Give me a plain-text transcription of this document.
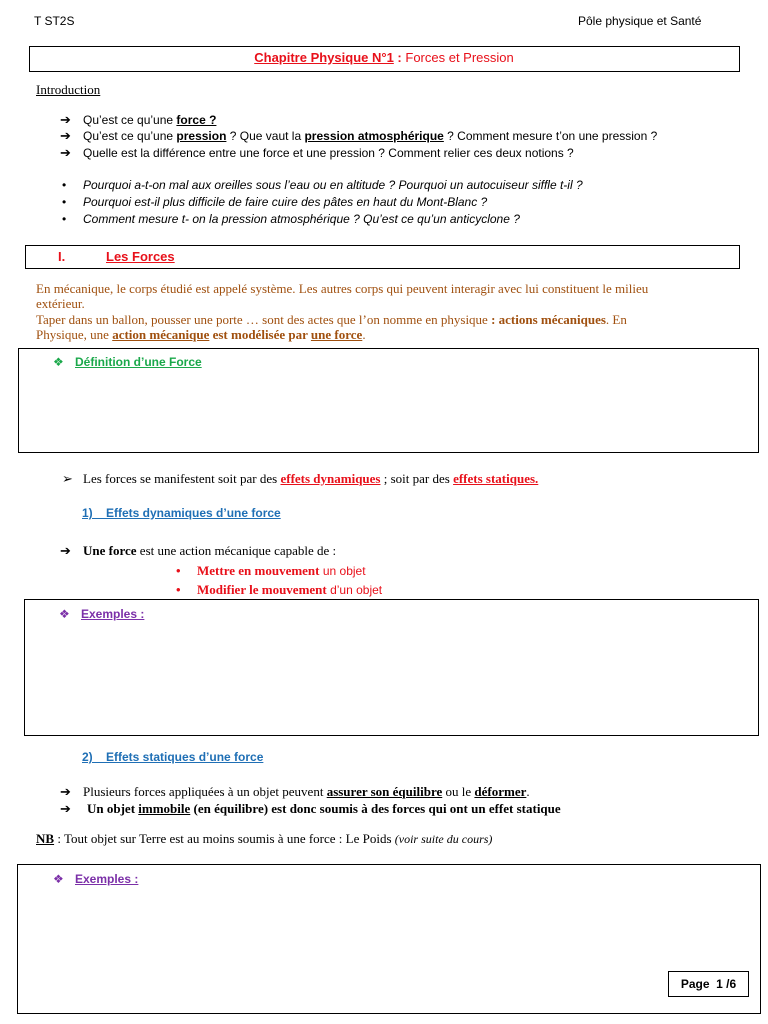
T ST2S	Pôle physique et Santé
Chapitre Physique N°1 : Forces et Pression
Introduction
➔ Qu’est ce qu’une force ?
➔ Qu’est ce qu’une pression ? Que vaut la pression atmosphérique ? Comment mesure t’on une pression ?
➔ Quelle est la différence entre une force et une pression ? Comment relier ces deux notions ?
• Pourquoi a-t-on mal aux oreilles sous l’eau ou en altitude ? Pourquoi un autocuiseur siffle t-il ?
• Pourquoi est-il plus difficile de faire cuire des pâtes en haut du Mont-Blanc ?
• Comment mesure t- on la pression atmosphérique ? Qu’est ce qu’un anticyclone ?
I.	Les Forces
En mécanique, le corps étudié est appelé système. Les autres corps qui peuvent interagir avec lui constituent le milieu
extérieur.
Taper dans un ballon, pousser une porte … sont des actes que l’on nomme en physique : actions mécaniques. En
Physique, une action mécanique est modélisée par une force.
❖ Définition d’une Force
➢ Les forces se manifestent soit par des effets dynamiques ; soit par des effets statiques.
1)    Effets dynamiques d’une force
➔ Une force est une action mécanique capable de :
• Mettre en mouvement un objet
• Modifier le mouvement d’un objet
❖ Exemples :
2)    Effets statiques d’une force
➔ Plusieurs forces appliquées à un objet peuvent assurer son équilibre ou le déformer.
➔ Un objet immobile (en équilibre) est donc soumis à des forces qui ont un effet statique
NB : Tout objet sur Terre est au moins soumis à une force : Le Poids (voir suite du cours)
❖ Exemples :
Page  1 /6
